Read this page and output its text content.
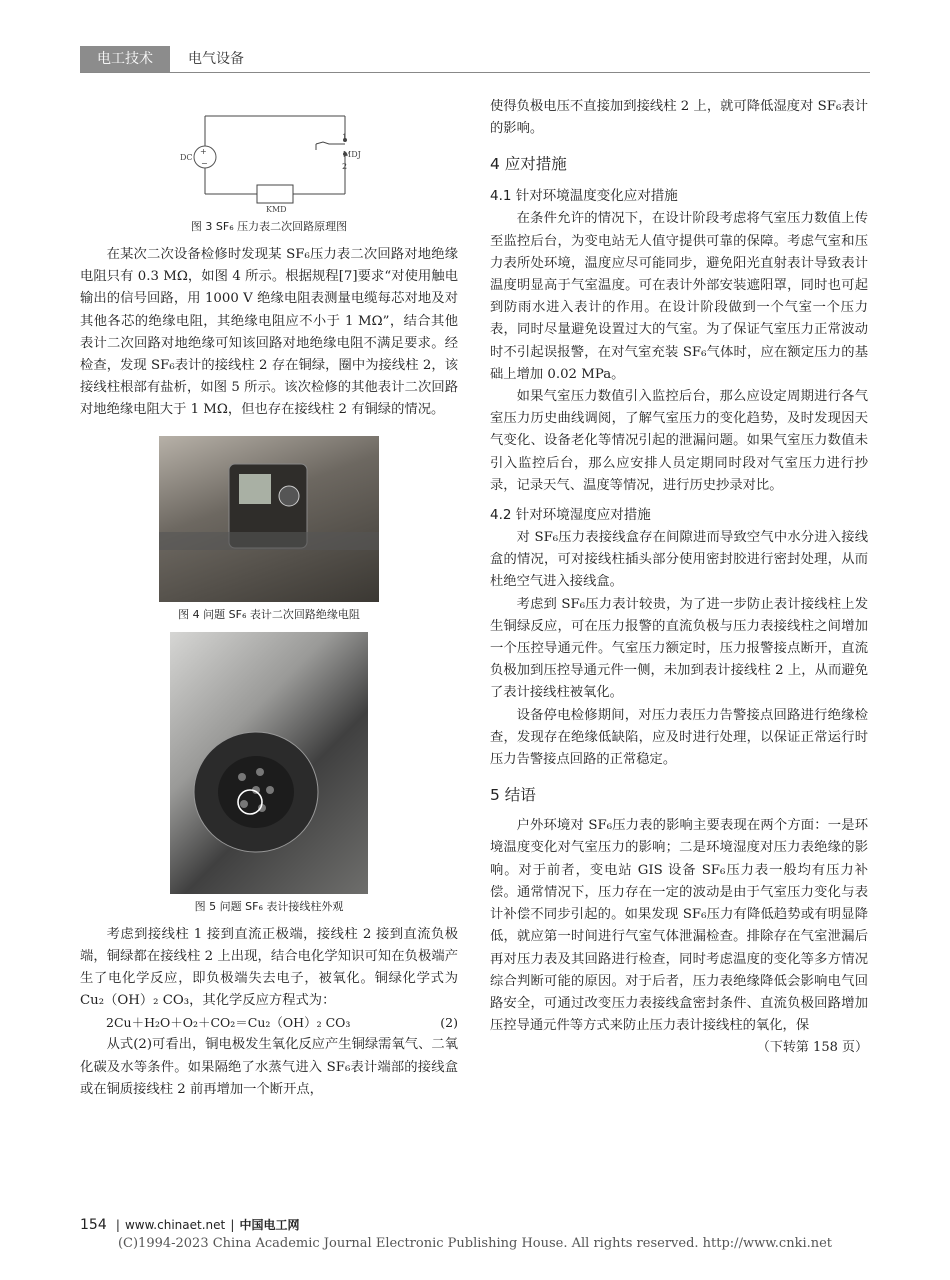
电工技术	电气设备
+
−
DC
1
MDJ
2
KMD
图 3 SF₆ 压力表二次回路原理图

在某次二次设备检修时发现某 SF₆压力表二次回路对地绝缘电阻只有 0.3 MΩ，如图 4 所示。根据规程[7]要求“对使用触电输出的信号回路，用 1000 V 绝缘电阻表测量电缆每芯对地及对其他各芯的绝缘电阻，其绝缘电阻应不小于 1 MΩ”，结合其他表计二次回路对地绝缘可知该回路对地绝缘电阻不满足要求。经检查，发现 SF₆表计的接线柱 2 存在铜绿，圈中为接线柱 2，该接线柱根部有盐析，如图 5 所示。该次检修的其他表计二次回路对地绝缘电阻大于 1 MΩ，但也存在接线柱 2 有铜绿的情况。

图 4 问题 SF₆ 表计二次回路绝缘电阻
图 5 问题 SF₆ 表计接线柱外观

考虑到接线柱 1 接到直流正极端，接线柱 2 接到直流负极端，铜绿都在接线柱 2 上出现，结合电化学知识可知在负极端产生了电化学反应，即负极端失去电子，被氧化。铜绿化学式为 Cu₂（OH）₂ CO₃，其化学反应方程式为：

2Cu＋H₂O＋O₂＋CO₂＝Cu₂（OH）₂ CO₃	(2)

从式(2)可看出，铜电极发生氧化反应产生铜绿需氧气、二氧化碳及水等条件。如果隔绝了水蒸气进入 SF₆表计端部的接线盒或在铜质接线柱 2 前再增加一个断开点，

使得负极电压不直接加到接线柱 2 上，就可降低湿度对 SF₆表计的影响。

4 应对措施
4.1 针对环境温度变化应对措施

在条件允许的情况下，在设计阶段考虑将气室压力数值上传至监控后台，为变电站无人值守提供可靠的保障。考虑气室和压力表所处环境，温度应尽可能同步，避免阳光直射表计导致表计温度明显高于气室温度。可在表计外部安装遮阳罩，同时也可起到防雨水进入表计的作用。在设计阶段做到一个气室一个压力表，同时尽量避免设置过大的气室。为了保证气室压力正常波动时不引起误报警，在对气室充装 SF₆气体时，应在额定压力的基础上增加 0.02 MPa。

如果气室压力数值引入监控后台，那么应设定周期进行各气室压力历史曲线调阅，了解气室压力的变化趋势，及时发现因天气变化、设备老化等情况引起的泄漏问题。如果气室压力数值未引入监控后台，那么应安排人员定期同时段对气室压力进行抄录，记录天气、温度等情况，进行历史抄录对比。

4.2 针对环境湿度应对措施

对 SF₆压力表接线盒存在间隙进而导致空气中水分进入接线盒的情况，可对接线柱插头部分使用密封胶进行密封处理，从而杜绝空气进入接线盒。

考虑到 SF₆压力表计较贵，为了进一步防止表计接线柱上发生铜绿反应，可在压力报警的直流负极与压力表接线柱之间增加一个压控导通元件。气室压力额定时，压力报警接点断开，直流负极加到压控导通元件一侧，未加到表计接线柱 2 上，从而避免了表计接线柱被氧化。

设备停电检修期间，对压力表压力告警接点回路进行绝缘检查，发现存在绝缘低缺陷，应及时进行处理，以保证正常运行时压力告警接点回路的正常稳定。

5 结语

户外环境对 SF₆压力表的影响主要表现在两个方面：一是环境温度变化对气室压力的影响；二是环境湿度对压力表绝缘的影响。对于前者，变电站 GIS 设备 SF₆压力表一般均有压力补偿。通常情况下，压力存在一定的波动是由于气室压力变化与表计补偿不同步引起的。如果发现 SF₆压力有降低趋势或有明显降低，就应第一时间进行气室气体泄漏检查。排除存在气室泄漏后再对压力表及其回路进行检查，同时考虑温度的变化等多方情况综合判断可能的原因。对于后者，压力表绝缘降低会影响电气回路安全，可通过改变压力表接线盒密封条件、直流负极回路增加压控导通元件等方式来防止压力表计接线柱的氧化，保

（下转第 158 页）
154 | www.chinaet.net | 中国电工网
(C)1994-2023 China Academic Journal Electronic Publishing House. All rights reserved. http://www.cnki.net
